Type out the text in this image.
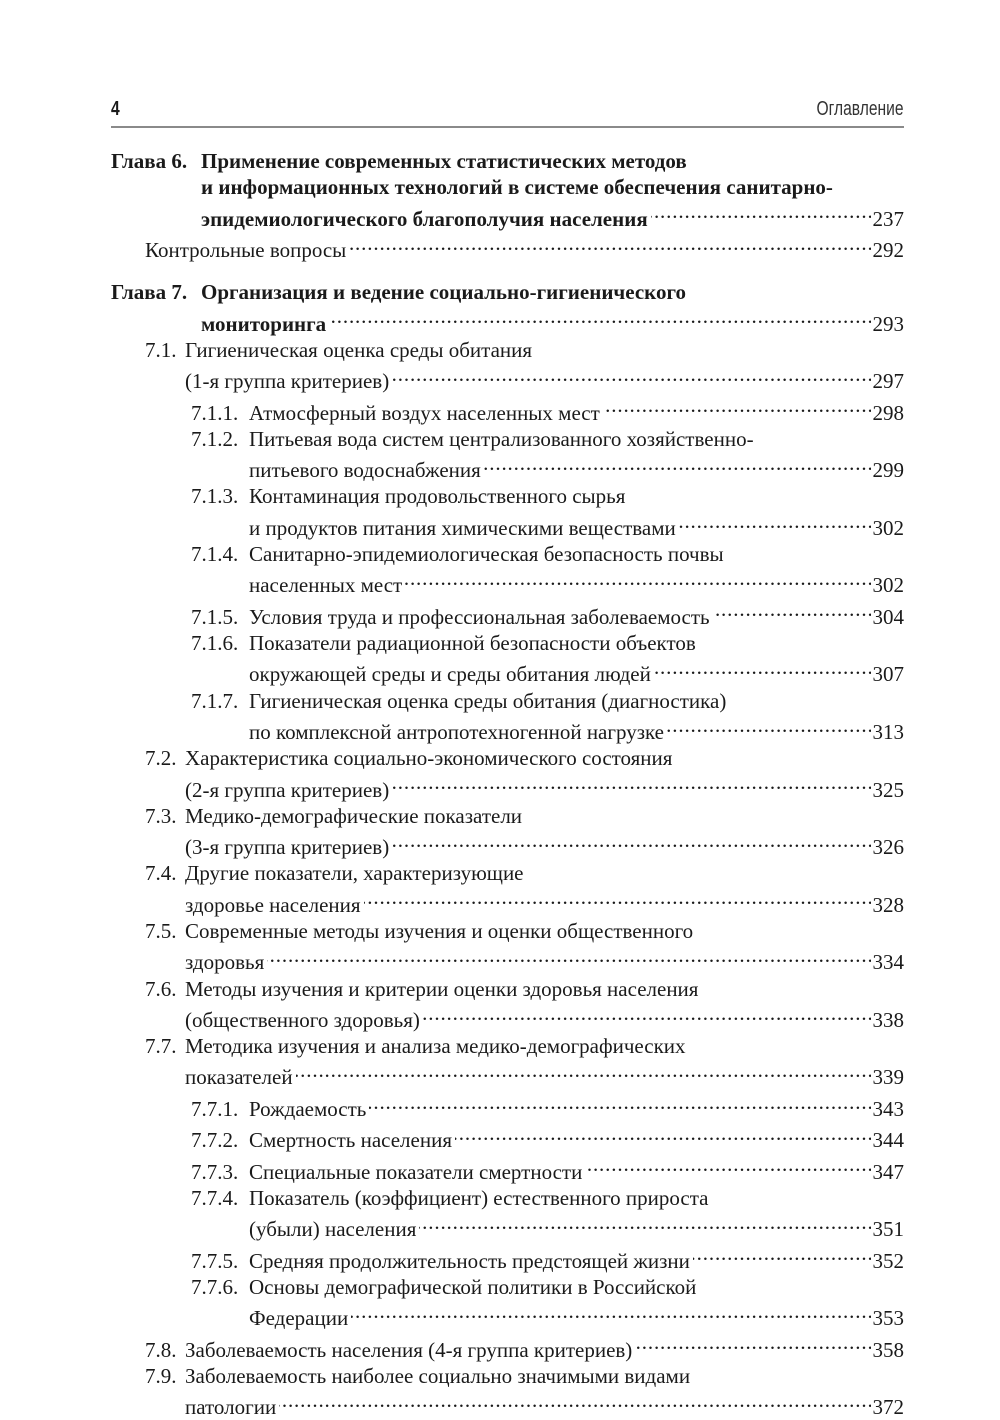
4	Оглавление
Глава 6. Применение современных статистических методов
и информационных технологий в системе обеспечения санитарно-
эпидемиологического благополучия населения . . .	237
Контрольные вопросы . . .	292
Глава 7. Организация и ведение социально-гигиенического
мониторинга . . .	293
7.1. Гигиеническая оценка среды обитания
(1-я группа критериев) . . .	297
7.1.1. Атмосферный воздух населенных мест . . .	298
7.1.2. Питьевая вода систем централизованного хозяйственно-
питьевого водоснабжения . . .	299
7.1.3. Контаминация продовольственного сырья
и продуктов питания химическими веществами . . .	302
7.1.4. Санитарно-эпидемиологическая безопасность почвы
населенных мест . . .	302
7.1.5. Условия труда и профессиональная заболеваемость . . .	304
7.1.6. Показатели радиационной безопасности объектов
окружающей среды и среды обитания людей . . .	307
7.1.7. Гигиеническая оценка среды обитания (диагностика)
по комплексной антропотехногенной нагрузке . . .	313
7.2. Характеристика социально-экономического состояния
(2-я группа критериев) . . .	325
7.3. Медико-демографические показатели
(3-я группа критериев) . . .	326
7.4. Другие показатели, характеризующие
здоровье населения . . .	328
7.5. Современные методы изучения и оценки общественного
здоровья . . .	334
7.6. Методы изучения и критерии оценки здоровья населения
(общественного здоровья) . . .	338
7.7. Методика изучения и анализа медико-демографических
показателей . . .	339
7.7.1. Рождаемость . . .	343
7.7.2. Смертность населения . . .	344
7.7.3. Специальные показатели смертности . . .	347
7.7.4. Показатель (коэффициент) естественного прироста
(убыли) населения . . .	351
7.7.5. Средняя продолжительность предстоящей жизни . . .	352
7.7.6. Основы демографической политики в Российской
Федерации . . .	353
7.8. Заболеваемость населения (4-я группа критериев) . . .	358
7.9. Заболеваемость наиболее социально значимыми видами
патологии . . .	372
